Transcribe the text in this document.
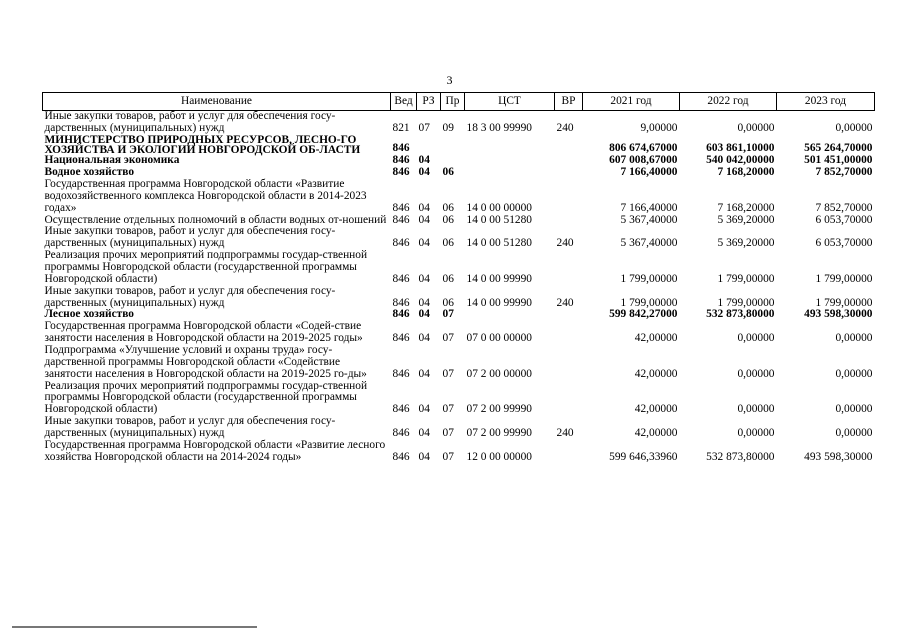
3
Наименование	Вед	РЗ	Пр	ЦСТ	ВР	2021 год	2022 год	2023 год
Иные закупки товаров, работ и услуг для обеспечения госу-дарственных (муниципальных) нужд	821	07	09	18 3 00 99990	240	9,00000	0,00000	0,00000
МИНИСТЕРСТВО ПРИРОДНЫХ РЕСУРСОВ, ЛЕСНО-ГО ХОЗЯЙСТВА И ЭКОЛОГИИ НОВГОРОДСКОЙ ОБ-ЛАСТИ	846					806 674,67000	603 861,10000	565 264,70000
Национальная экономика	846	04				607 008,67000	540 042,00000	501 451,00000
Водное хозяйство	846	04	06			7 166,40000	7 168,20000	7 852,70000
Государственная программа Новгородской области «Развитие водохозяйственного комплекса Новгородской области в 2014-2023 годах»	846	04	06	14 0 00 00000		7 166,40000	7 168,20000	7 852,70000
Осуществление отдельных полномочий в области водных от-ношений	846	04	06	14 0 00 51280		5 367,40000	5 369,20000	6 053,70000
Иные закупки товаров, работ и услуг для обеспечения госу-дарственных (муниципальных) нужд	846	04	06	14 0 00 51280	240	5 367,40000	5 369,20000	6 053,70000
Реализация прочих мероприятий подпрограммы государ-ственной программы Новгородской области (государственной программы Новгородской области)	846	04	06	14 0 00 99990		1 799,00000	1 799,00000	1 799,00000
Иные закупки товаров, работ и услуг для обеспечения госу-дарственных (муниципальных) нужд	846	04	06	14 0 00 99990	240	1 799,00000	1 799,00000	1 799,00000
Лесное хозяйство	846	04	07			599 842,27000	532 873,80000	493 598,30000
Государственная программа Новгородской области «Содей-ствие занятости населения в Новгородской области на 2019-2025 годы»	846	04	07	07 0 00 00000		42,00000	0,00000	0,00000
Подпрограмма «Улучшение условий и охраны труда» госу-дарственной программы Новгородской области «Содействие занятости населения в Новгородской области на 2019-2025 го-ды»	846	04	07	07 2 00 00000		42,00000	0,00000	0,00000
Реализация прочих мероприятий подпрограммы государ-ственной программы Новгородской области (государственной программы Новгородской области)	846	04	07	07 2 00 99990		42,00000	0,00000	0,00000
Иные закупки товаров, работ и услуг для обеспечения госу-дарственных (муниципальных) нужд	846	04	07	07 2 00 99990	240	42,00000	0,00000	0,00000
Государственная программа Новгородской области «Развитие лесного хозяйства Новгородской области на 2014-2024 годы»	846	04	07	12 0 00 00000		599 646,33960	532 873,80000	493 598,30000
